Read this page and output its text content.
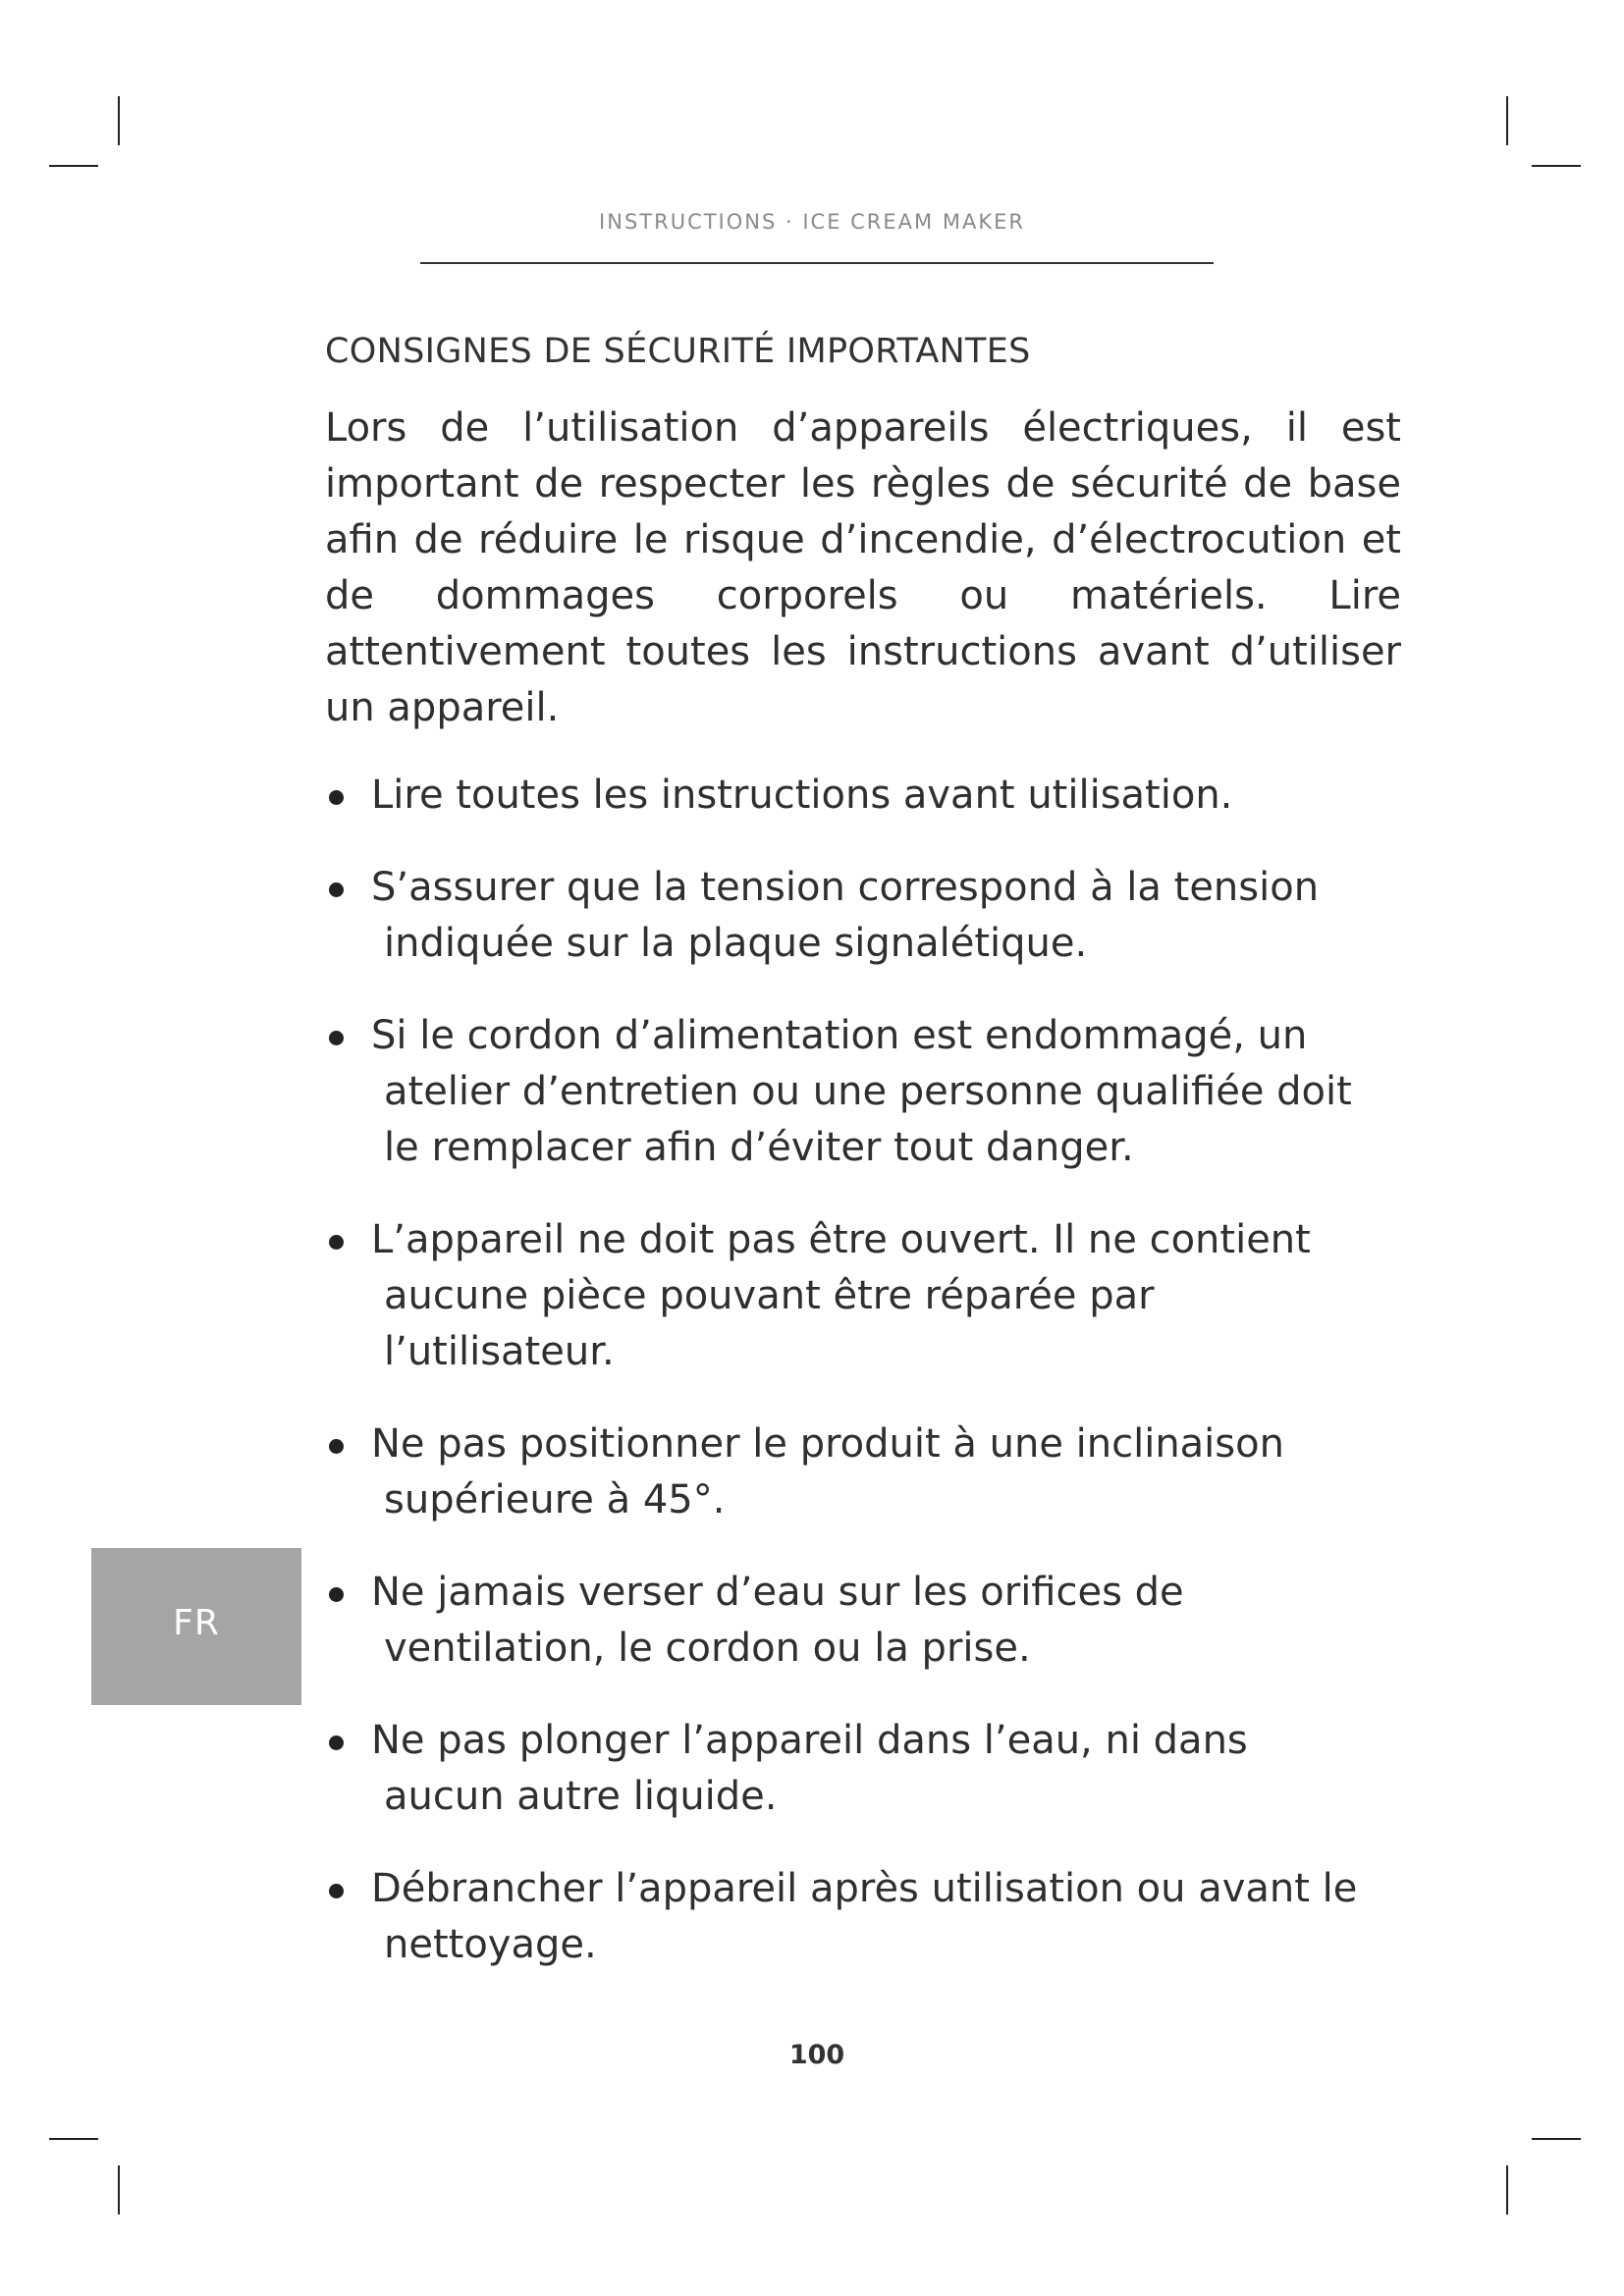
INSTRUCTIONS · ICE CREAM MAKER
CONSIGNES DE SÉCURITÉ IMPORTANTES

Lors de l’utilisation d’appareils électriques, il est important de respecter les règles de sécurité de base afin de réduire le risque d’incendie, d’électrocution et de dommages corporels ou matériels. Lire attentivement toutes les instructions avant d’utiliser un appareil.

Lire toutes les instructions avant utilisation.
S’assurer que la tension correspond à la tension
indiquée sur la plaque signalétique.
Si le cordon d’alimentation est endommagé, un
atelier d’entretien ou une personne qualifiée doit le remplacer afin d’éviter tout danger.
L’appareil ne doit pas être ouvert. Il ne contient
aucune pièce pouvant être réparée par l’utilisateur.
Ne pas positionner le produit à une inclinaison
supérieure à 45°.
Ne jamais verser d’eau sur les orifices de
ventilation, le cordon ou la prise.
Ne pas plonger l’appareil dans l’eau, ni dans
aucun autre liquide.
Débrancher l’appareil après utilisation ou avant le
nettoyage.
FR
100
